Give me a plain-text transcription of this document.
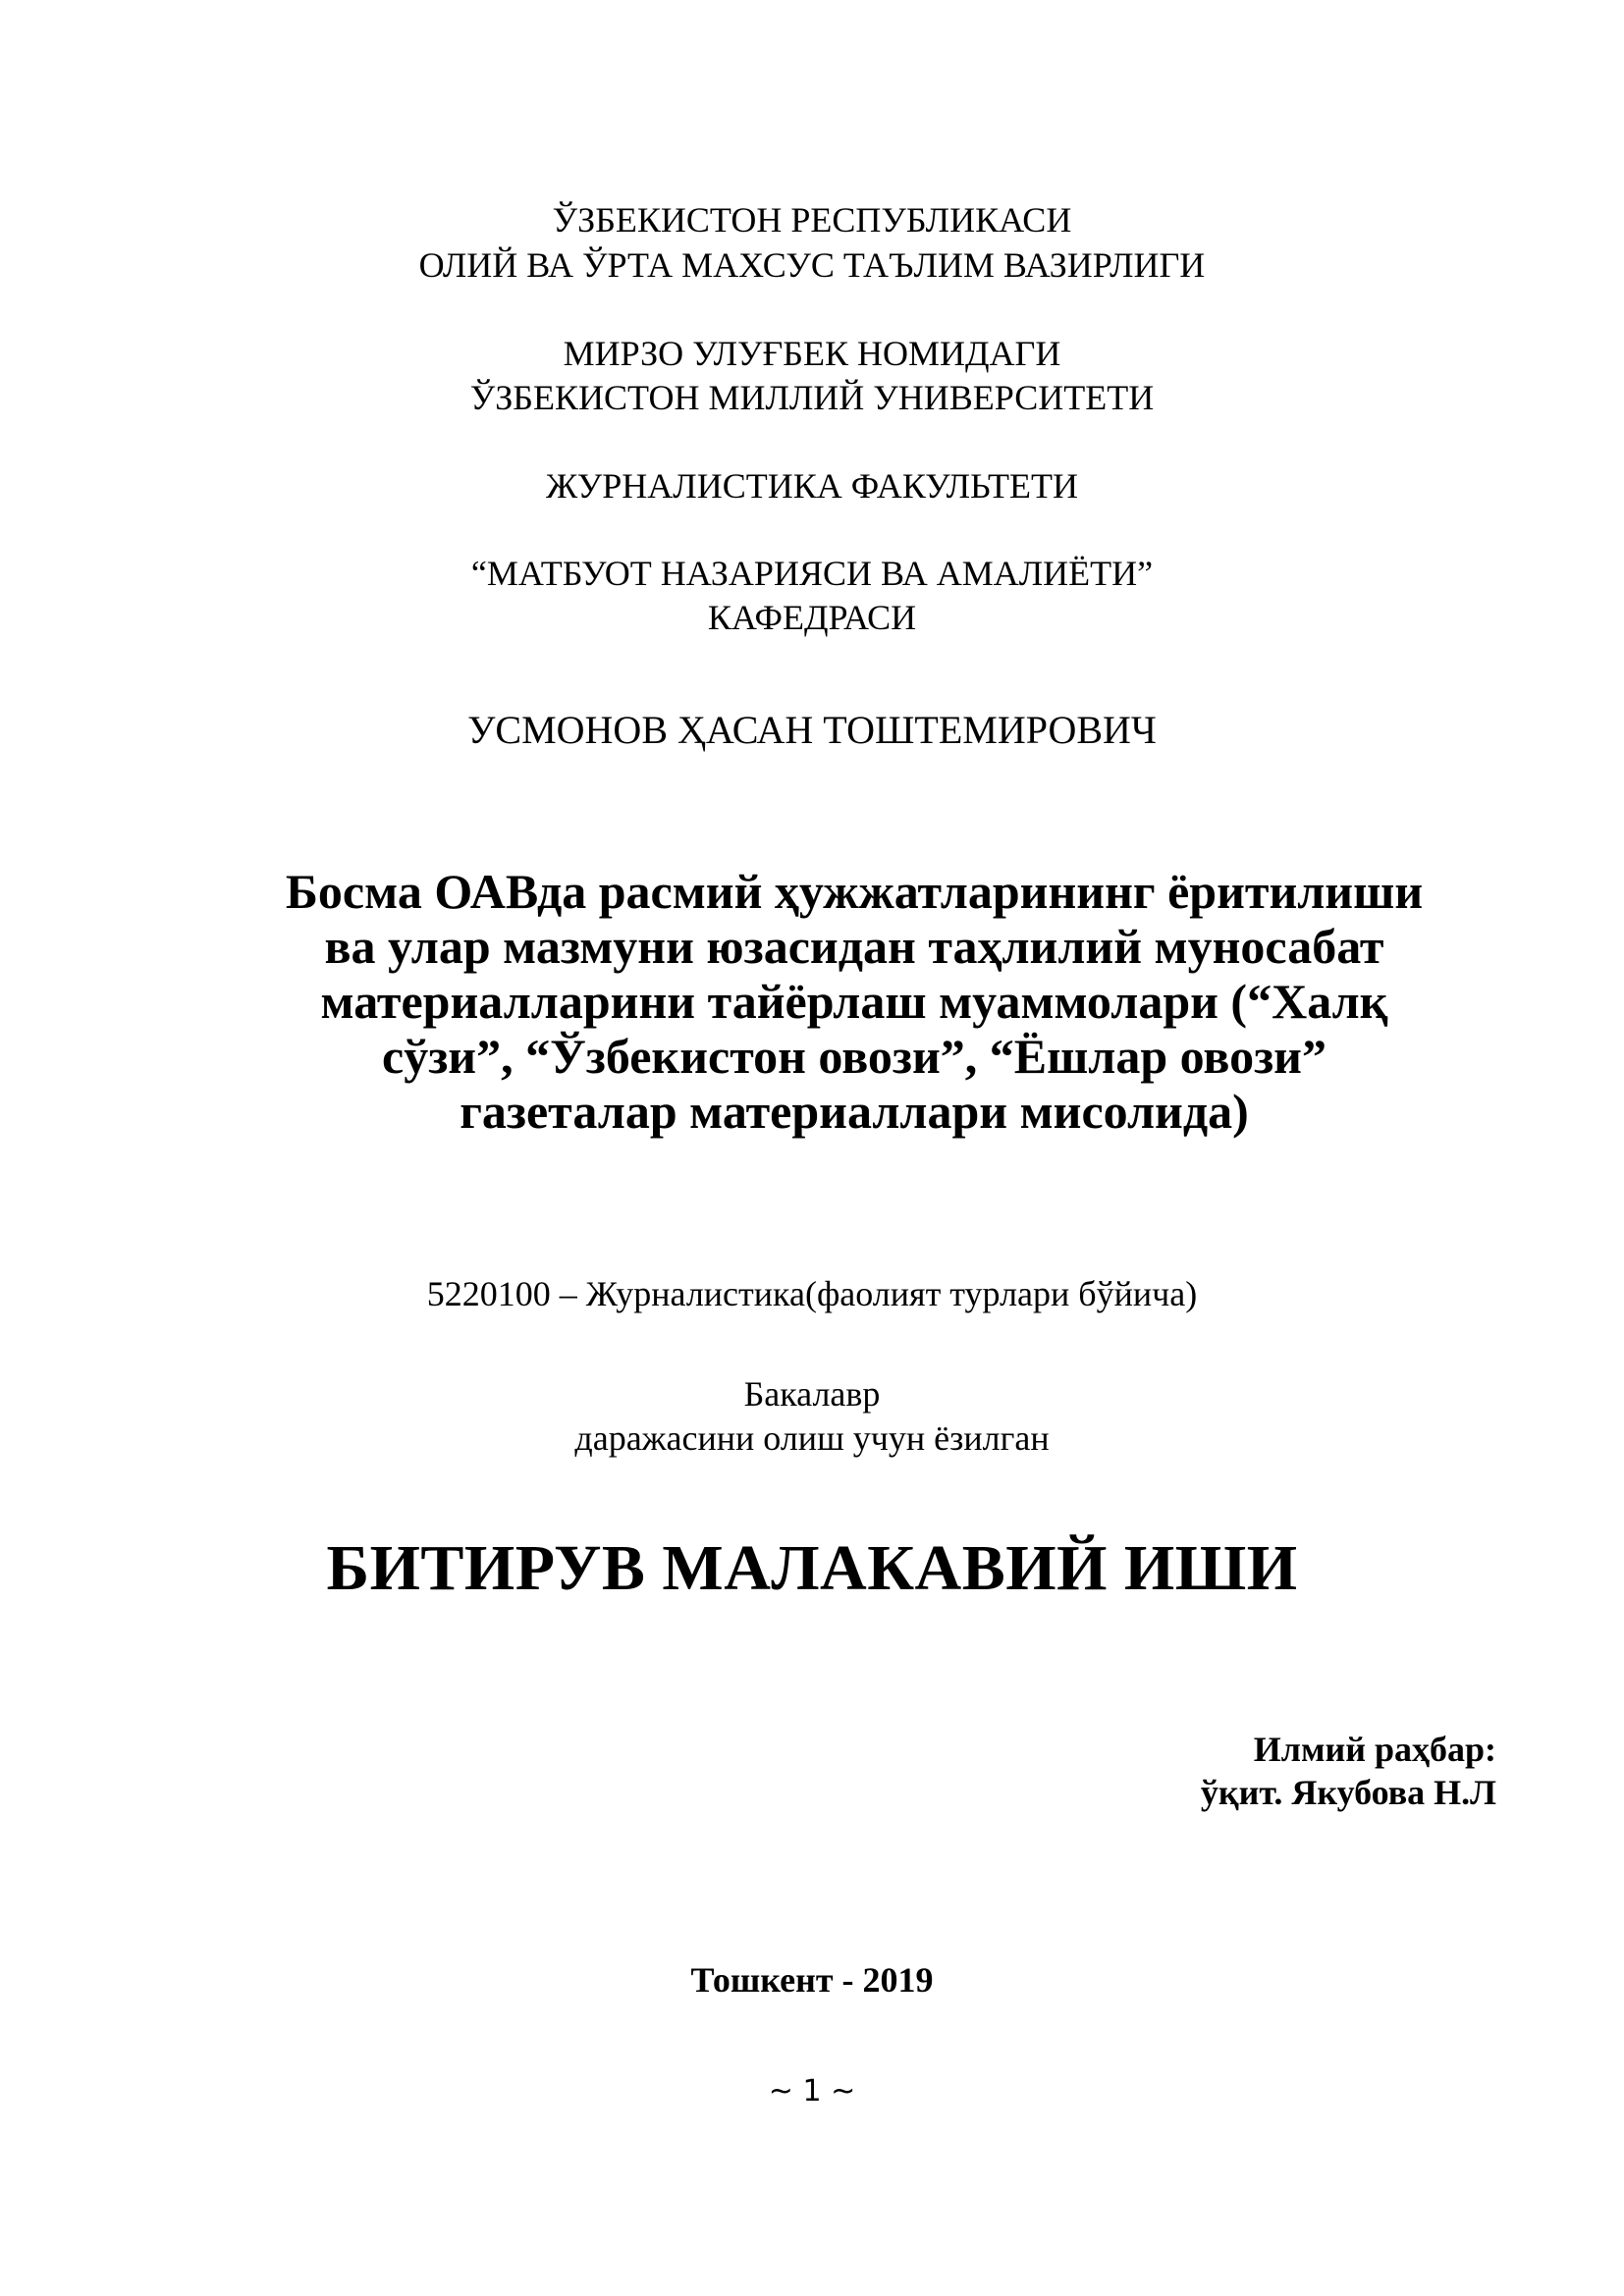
ЎЗБЕКИСТОН РЕСПУБЛИКАСИ
ОЛИЙ ВА ЎРТА МАХСУС ТАЪЛИМ ВАЗИРЛИГИ
МИРЗО УЛУҒБЕК НОМИДАГИ
ЎЗБЕКИСТОН МИЛЛИЙ УНИВЕРСИТЕТИ
ЖУРНАЛИСТИКА ФАКУЛЬТЕТИ
“МАТБУОТ НАЗАРИЯСИ ВА АМАЛИЁТИ”
КАФЕДРАСИ
УСМОНОВ ҲАСАН ТОШТЕМИРОВИЧ
Босма ОАВда расмий ҳужжатларининг ёритилиши
ва улар мазмуни юзасидан таҳлилий муносабат
материалларини тайёрлаш муаммолари (“Халқ
сўзи”, “Ўзбекистон овози”, “Ёшлар овози”
газеталар материаллари мисолида)
5220100 – Журналистика(фаолият турлари бўйича)
Бакалавр
даражасини олиш учун ёзилган
БИТИРУВ МАЛАКАВИЙ ИШИ
Илмий раҳбар:
ўқит. Якубова Н.Л
Тошкент - 2019
~ 1 ~
